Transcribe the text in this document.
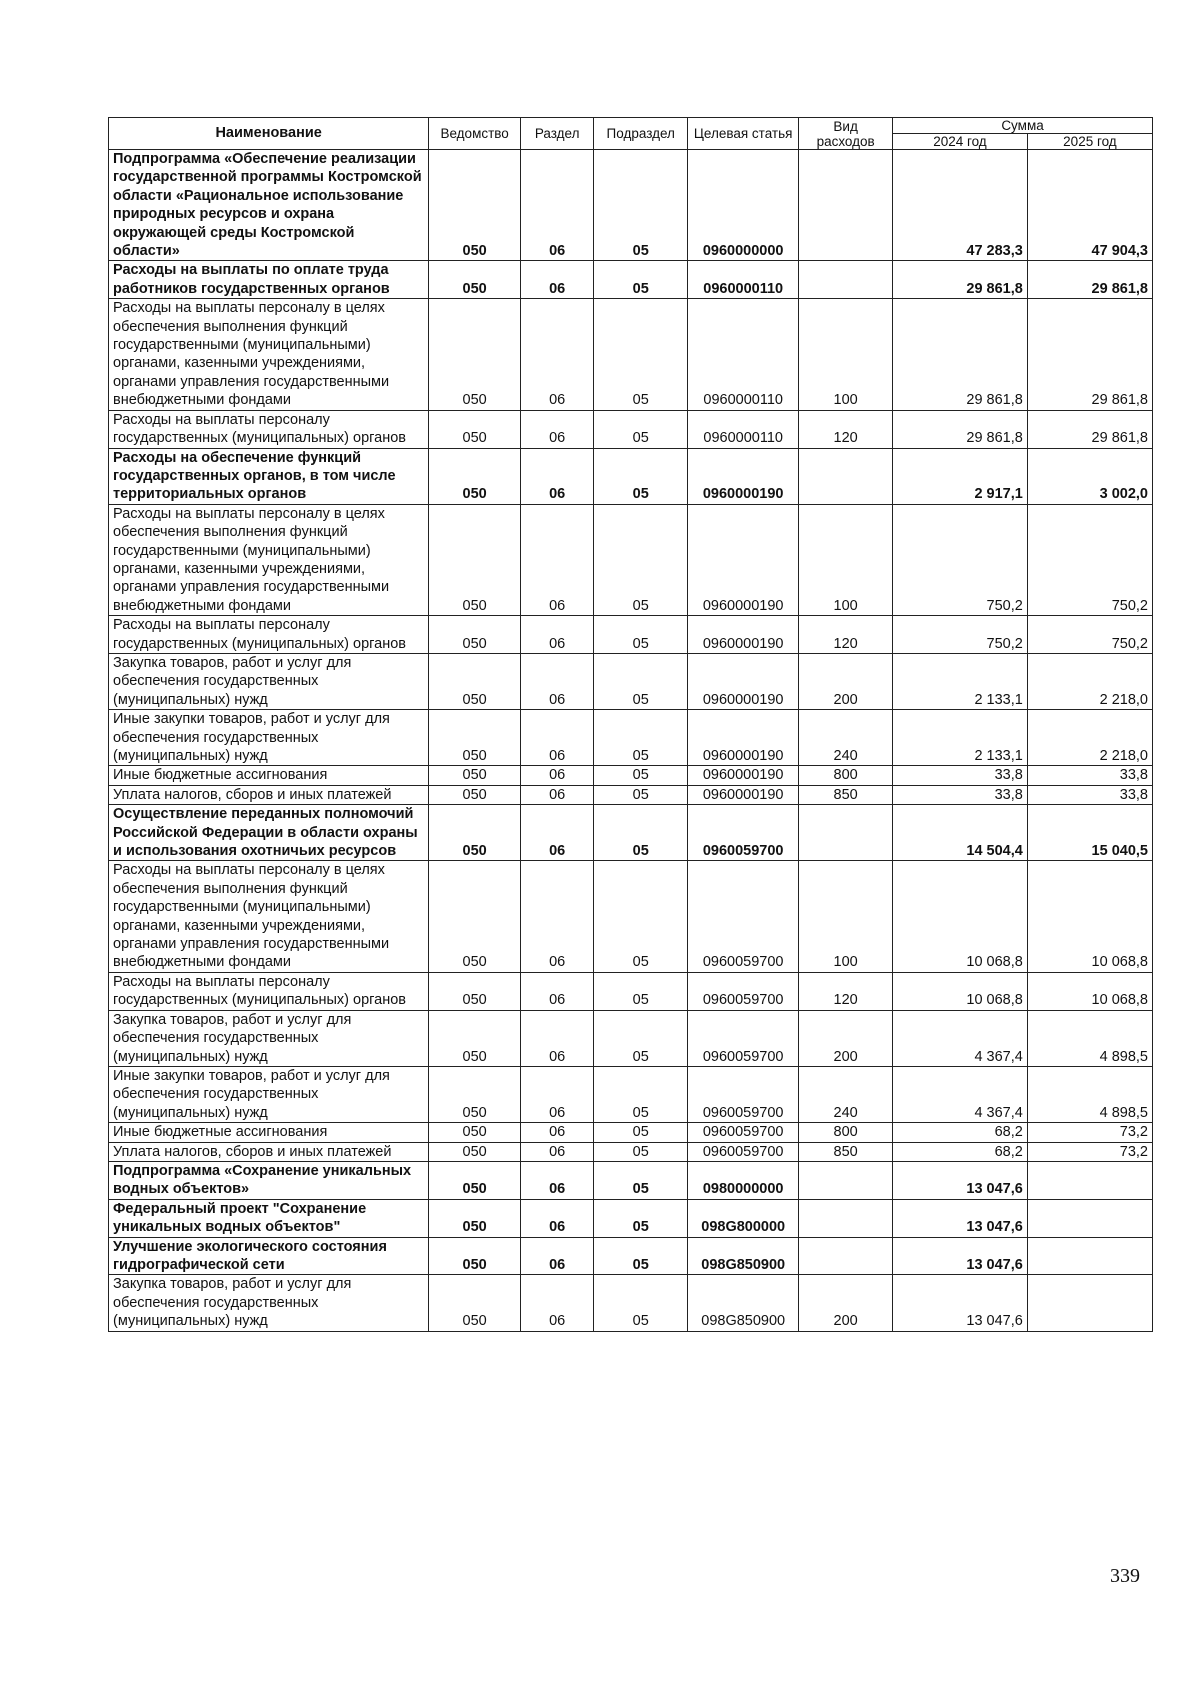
Наименование	Ведомство	Раздел	Подраздел	Целевая статья	Вид расходов	Сумма	
						2024 год	2025 год
Подпрограмма «Обеспечение реализации государственной программы Костромской области «Рациональное использование природных ресурсов и охрана окружающей среды Костромской области»	050	06	05	0960000000		47 283,3	47 904,3
Расходы на выплаты по оплате труда работников государственных органов	050	06	05	0960000110		29 861,8	29 861,8
Расходы на выплаты персоналу в целях обеспечения выполнения функций государственными (муниципальными) органами, казенными учреждениями, органами управления государственными внебюджетными фондами	050	06	05	0960000110	100	29 861,8	29 861,8
Расходы на выплаты персоналу государственных (муниципальных) органов	050	06	05	0960000110	120	29 861,8	29 861,8
Расходы на обеспечение функций государственных органов, в том числе территориальных органов	050	06	05	0960000190		2 917,1	3 002,0
Расходы на выплаты персоналу в целях обеспечения выполнения функций государственными (муниципальными) органами, казенными учреждениями, органами управления государственными внебюджетными фондами	050	06	05	0960000190	100	750,2	750,2
Расходы на выплаты персоналу государственных (муниципальных) органов	050	06	05	0960000190	120	750,2	750,2
Закупка товаров, работ и услуг для обеспечения государственных (муниципальных) нужд	050	06	05	0960000190	200	2 133,1	2 218,0
Иные закупки товаров, работ и услуг для обеспечения государственных (муниципальных) нужд	050	06	05	0960000190	240	2 133,1	2 218,0
Иные бюджетные ассигнования	050	06	05	0960000190	800	33,8	33,8
Уплата налогов, сборов и иных платежей	050	06	05	0960000190	850	33,8	33,8
Осуществление переданных полномочий Российской Федерации в области охраны и использования охотничьих ресурсов	050	06	05	0960059700		14 504,4	15 040,5
Расходы на выплаты персоналу в целях обеспечения выполнения функций государственными (муниципальными) органами, казенными учреждениями, органами управления государственными внебюджетными фондами	050	06	05	0960059700	100	10 068,8	10 068,8
Расходы на выплаты персоналу государственных (муниципальных) органов	050	06	05	0960059700	120	10 068,8	10 068,8
Закупка товаров, работ и услуг для обеспечения государственных (муниципальных) нужд	050	06	05	0960059700	200	4 367,4	4 898,5
Иные закупки товаров, работ и услуг для обеспечения государственных (муниципальных) нужд	050	06	05	0960059700	240	4 367,4	4 898,5
Иные бюджетные ассигнования	050	06	05	0960059700	800	68,2	73,2
Уплата налогов, сборов и иных платежей	050	06	05	0960059700	850	68,2	73,2
Подпрограмма «Сохранение уникальных водных объектов»	050	06	05	0980000000		13 047,6	
Федеральный проект "Сохранение уникальных водных объектов"	050	06	05	098G800000		13 047,6	
Улучшение экологического состояния гидрографической сети	050	06	05	098G850900		13 047,6	
Закупка товаров, работ и услуг для обеспечения государственных (муниципальных) нужд	050	06	05	098G850900	200	13 047,6	
339
